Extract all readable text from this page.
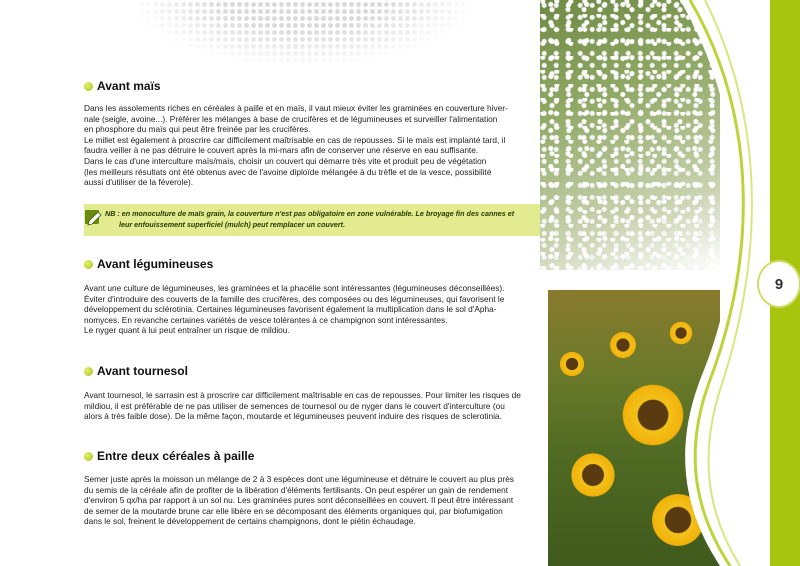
Avant maïs
Dans les assolements riches en céréales à paille et en maïs, il vaut mieux éviter les graminées en couverture hiver-
nale (seigle, avoine...). Préférer les mélanges à base de crucifères et de légumineuses et surveiller l'alimentation
en phosphore du maïs qui peut être freinée par les crucifères.
Le millet est également à proscrire car difficilement maîtrisable en cas de repousses. Si le maïs est implanté tard, il
faudra veiller à ne pas détruire le couvert après la mi-mars afin de conserver une réserve en eau suffisante.
Dans le cas d'une interculture maïs/maïs, choisir un couvert qui démarre très vite et produit peu de végétation
(les meilleurs résultats ont été obtenus avec de l'avoine diploïde mélangée à du trèfle et de la vesce, possibilité
aussi d'utiliser de la féverole).
NB : en monoculture de maïs grain, la couverture n'est pas obligatoire en zone vulnérable. Le broyage fin des cannes et
leur enfouissement superficiel (mulch) peut remplacer un couvert.
Avant légumineuses
Avant une culture de légumineuses, les graminées et la phacélie sont intéressantes (légumineuses déconseillées).
Éviter d'introduire des couverts de la famille des crucifères, des composées ou des légumineuses, qui favorisent le
développement du sclérotinia. Certaines légumineuses favorisent également la multiplication dans le sol d'Apha-
nomyces. En revanche certaines variétés de vesce tolérantes à ce champignon sont intéressantes.
Le nyger quant à lui peut entraîner un risque de mildiou.
Avant tournesol
Avant tournesol, le sarrasin est à proscrire car difficilement maîtrisable en cas de repousses. Pour limiter les risques de
mildiou, il est préférable de ne pas utiliser de semences de tournesol ou de nyger dans le couvert d'interculture (ou
alors à très faible dose). De la même façon, moutarde et légumineuses peuvent induire des risques de sclerotinia.
Entre deux céréales à paille
Semer juste après la moisson un mélange de 2 à 3 espèces dont une légumineuse et détruire le couvert au plus près
du semis de la céréale afin de profiter de la libération d'éléments fertilisants. On peut espérer un gain de rendement
d'environ 5 qx/ha par rapport à un sol nu. Les graminées pures sont déconseillées en couvert. Il peut être intéressant
de semer de la moutarde brune car elle libère en se décomposant des éléments organiques qui, par biofumigation
dans le sol, freinent le développement de certains champignons, dont le piétin échaudage.
9
